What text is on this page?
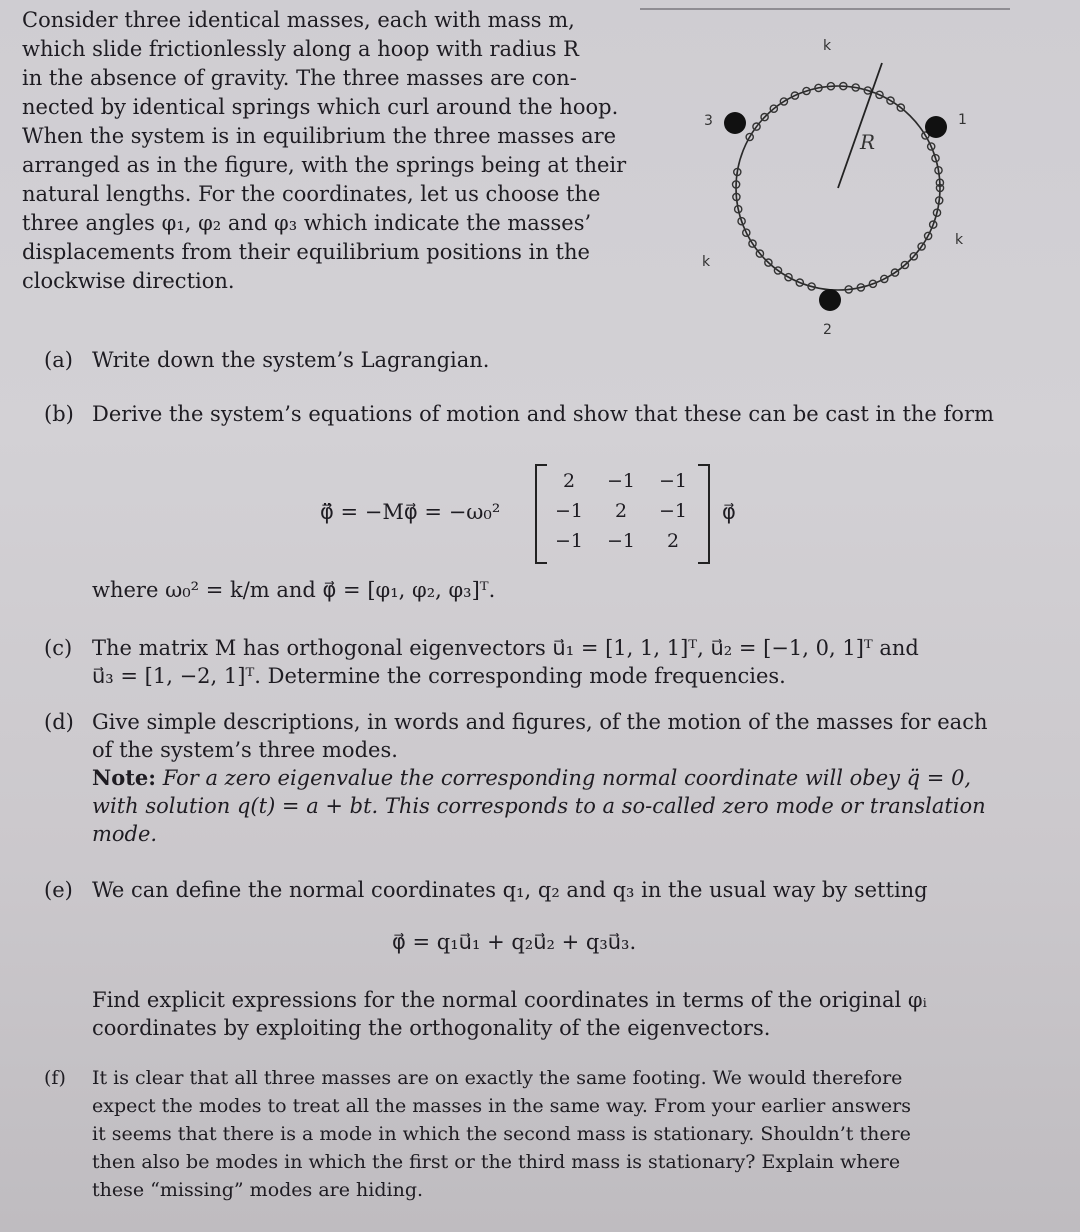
Consider three identical masses, each with mass m,
which slide frictionlessly along a hoop with radius R
in the absence of gravity. The three masses are con-
nected by identical springs which curl around the hoop.
When the system is in equilibrium the three masses are
arranged as in the figure, with the springs being at their
natural lengths. For the coordinates, let us choose the
three angles φ₁, φ₂ and φ₃ which indicate the masses’
displacements from their equilibrium positions in the
clockwise direction.
k
k
k
1
2
3
R
(a) Write down the system’s Lagrangian.
(b) Derive the system’s equations of motion and show that these can be cast in the form
φ⃗̈ = −Mφ⃗ = −ω₀²
2	−1	−1
−1	2	−1
−1	−1	2
φ⃗
where ω₀² = k/m and φ⃗ = [φ₁, φ₂, φ₃]ᵀ.
(c) The matrix M has orthogonal eigenvectors u⃗₁ = [1, 1, 1]ᵀ, u⃗₂ = [−1, 0, 1]ᵀ and
u⃗₃ = [1, −2, 1]ᵀ. Determine the corresponding mode frequencies.
(d) Give simple descriptions, in words and figures, of the motion of the masses for each
of the system’s three modes.
Note: For a zero eigenvalue the corresponding normal coordinate will obey q̈ = 0,
with solution q(t) = a + bt. This corresponds to a so-called zero mode or translation
mode.
(e) We can define the normal coordinates q₁, q₂ and q₃ in the usual way by setting
φ⃗ = q₁u⃗₁ + q₂u⃗₂ + q₃u⃗₃.
Find explicit expressions for the normal coordinates in terms of the original φᵢ
coordinates by exploiting the orthogonality of the eigenvectors.
(f) It is clear that all three masses are on exactly the same footing. We would therefore
expect the modes to treat all the masses in the same way. From your earlier answers
it seems that there is a mode in which the second mass is stationary. Shouldn’t there
then also be modes in which the first or the third mass is stationary? Explain where
these “missing” modes are hiding.
